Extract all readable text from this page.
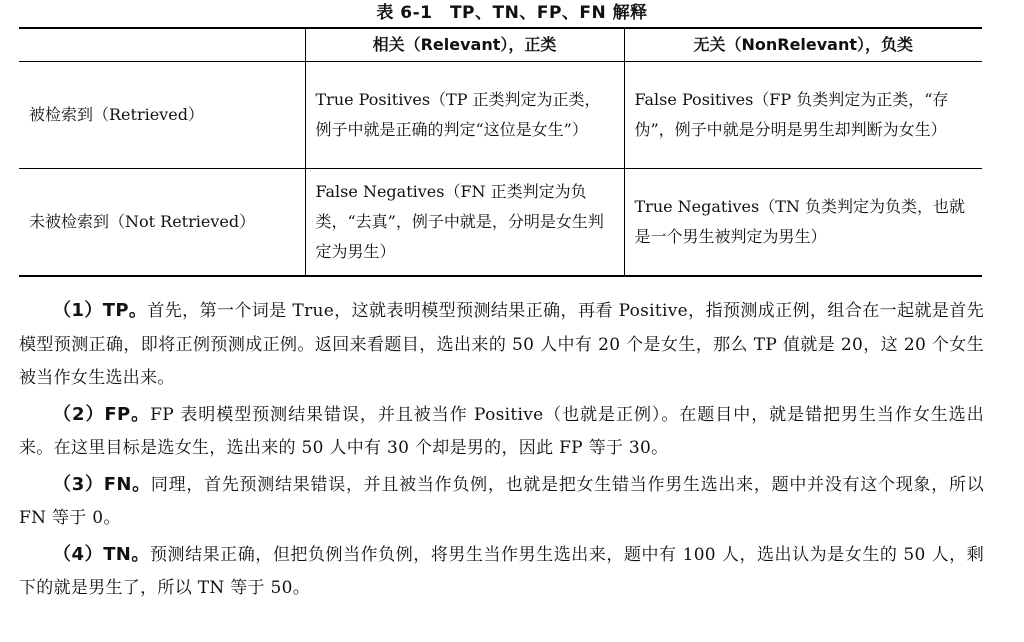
表 6-1　TP、TN、FP、FN 解释
	相关（Relevant），正类	无关（NonRelevant），负类
被检索到（Retrieved）	True Positives（TP 正类判定为正类，例子中就是正确的判定“这位是女生”）	False Positives（FP 负类判定为正类，“存伪”，例子中就是分明是男生却判断为女生）
未被检索到（Not Retrieved）	False Negatives（FN 正类判定为负类，“去真”，例子中就是，分明是女生判定为男生）	True Negatives（TN 负类判定为负类，也就是一个男生被判定为男生）

（1）TP。首先，第一个词是 True，这就表明模型预测结果正确，再看 Positive，指预测成正例，组合在一起就是首先模型预测正确，即将正例预测成正例。返回来看题目，选出来的 50 人中有 20 个是女生，那么 TP 值就是 20，这 20 个女生被当作女生选出来。

（2）FP。FP 表明模型预测结果错误，并且被当作 Positive（也就是正例）。在题目中，就是错把男生当作女生选出来。在这里目标是选女生，选出来的 50 人中有 30 个却是男的，因此 FP 等于 30。

（3）FN。同理，首先预测结果错误，并且被当作负例，也就是把女生错当作男生选出来，题中并没有这个现象，所以 FN 等于 0。

（4）TN。预测结果正确，但把负例当作负例，将男生当作男生选出来，题中有 100 人，选出认为是女生的 50 人，剩下的就是男生了，所以 TN 等于 50。
